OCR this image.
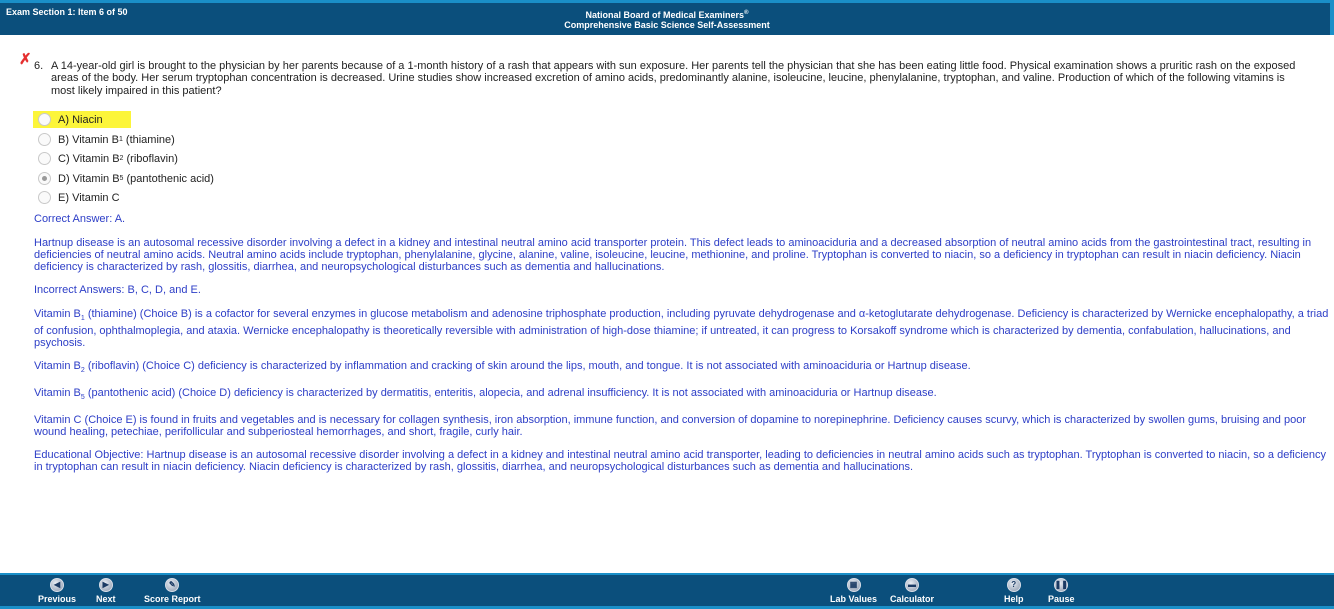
Exam Section 1: Item 6 of 50	National Board of Medical Examiners®
Comprehensive Basic Science Self-Assessment
✗ 6. A 14-year-old girl is brought to the physician by her parents because of a 1-month history of a rash that appears with sun exposure. Her parents tell the physician that she has been eating little food. Physical examination shows a pruritic rash on the exposed areas of the body. Her serum tryptophan concentration is decreased. Urine studies show increased excretion of amino acids, predominantly alanine, isoleucine, leucine, phenylalanine, tryptophan, and valine. Production of which of the following vitamins is most likely impaired in this patient?
A)
Niacin
B)
Vitamin B 1
(thiamine)
C)
Vitamin B 2
(riboflavin)
D)
Vitamin B 5
(pantothenic acid)
E)
Vitamin C
Correct Answer: A.
Hartnup disease is an autosomal recessive disorder involving a defect in a kidney and intestinal neutral amino acid transporter protein. This defect leads to aminoaciduria and a decreased absorption of neutral amino acids from the gastrointestinal tract, resulting in deficiencies of neutral amino acids. Neutral amino acids include tryptophan, phenylalanine, glycine, alanine, valine, isoleucine, leucine, methionine, and proline. Tryptophan is converted to niacin, so a deficiency in tryptophan can result in niacin deficiency. Niacin deficiency is characterized by rash, glossitis, diarrhea, and neuropsychological disturbances such as dementia and hallucinations.
Incorrect Answers: B, C, D, and E.
Vitamin $B_1$ (thiamine) (Choice B) is a cofactor for several enzymes in glucose metabolism and adenosine triphosphate production, including pyruvate dehydrogenase and α-ketoglutarate dehydrogenase. Deficiency is characterized by Wernicke encephalopathy, a triad of confusion, ophthalmoplegia, and ataxia. Wernicke encephalopathy is theoretically reversible with administration of high-dose thiamine; if untreated, it can progress to Korsakoff syndrome which is characterized by dementia, confabulation, hallucinations, and psychosis.
Vitamin $B_2$ (riboflavin) (Choice C) deficiency is characterized by inflammation and cracking of skin around the lips, mouth, and tongue. It is not associated with aminoaciduria or Hartnup disease.
Vitamin $B_5$ (pantothenic acid) (Choice D) deficiency is characterized by dermatitis, enteritis, alopecia, and adrenal insufficiency. It is not associated with aminoaciduria or Hartnup disease.
Vitamin C (Choice E) is found in fruits and vegetables and is necessary for collagen synthesis, iron absorption, immune function, and conversion of dopamine to norepinephrine. Deficiency causes scurvy, which is characterized by swollen gums, bruising and poor wound healing, petechiae, perifollicular and subperiosteal hemorrhages, and short, fragile, curly hair.
Educational Objective: Hartnup disease is an autosomal recessive disorder involving a defect in a kidney and intestinal neutral amino acid transporter, leading to deficiencies in neutral amino acids such as tryptophan. Tryptophan is converted to niacin, so a deficiency in tryptophan can result in niacin deficiency. Niacin deficiency is characterized by rash, glossitis, diarrhea, and neuropsychological disturbances such as dementia and hallucinations.
◀
Previous
▶
Next
✎
Score Report
▦
Lab Values
▬
Calculator
?
Help
❚❚
Pause
